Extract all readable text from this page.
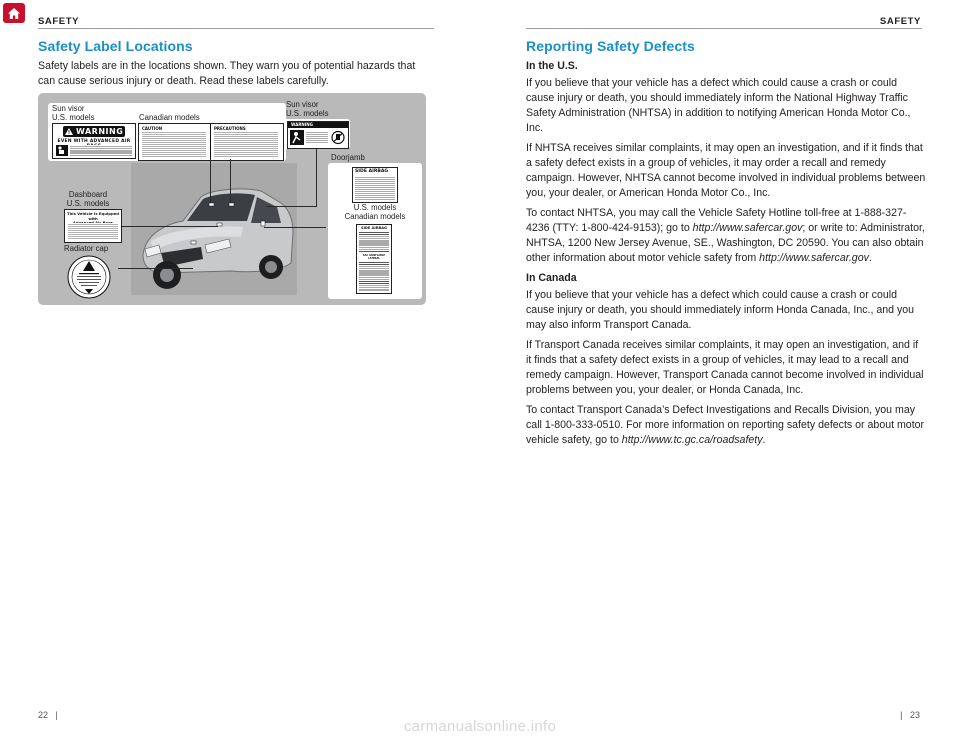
SAFETY	SAFETY
Safety Label Locations

Safety labels are in the locations shown. They warn you of potential hazards that can cause serious injury or death. Read these labels carefully.

Sun visor
U.S. models	Canadian models
WARNING
EVEN WITH ADVANCED AIR
CAUTION	PRECAUTIONS
Sun visor
U.S. models
WARNING
Dashboard
U.S. models
This Vehicle Is Equipped with
Radiator cap
Doorjamb
SIDE AIRBAG
U.S. models
Canadian models
SIDE AIRBAG
SAC GONFLABLE LATERAL
Reporting Safety Defects
In the U.S.

If you believe that your vehicle has a defect which could cause a crash or could cause injury or death, you should immediately inform the National Highway Traffic Safety Administration (NHTSA) in addition to notifying American Honda Motor Co., Inc.

If NHTSA receives similar complaints, it may open an investigation, and if it finds that a safety defect exists in a group of vehicles, it may order a recall and remedy campaign. However, NHTSA cannot become involved in individual problems between you, your dealer, or American Honda Motor Co., Inc.

To contact NHTSA, you may call the Vehicle Safety Hotline toll-free at 1-888-327-4236 (TTY: 1-800-424-9153); go to http://www.safercar.gov; or write to: Administrator, NHTSA, 1200 New Jersey Avenue, SE., Washington, DC 20590. You can also obtain other information about motor vehicle safety from http://www.safercar.gov.

In Canada

If you believe that your vehicle has a defect which could cause a crash or could cause injury or death, you should immediately inform Honda Canada, Inc., and you may also inform Transport Canada.

If Transport Canada receives similar complaints, it may open an investigation, and if it finds that a safety defect exists in a group of vehicles, it may lead to a recall and remedy campaign. However, Transport Canada cannot become involved in individual problems between you, your dealer, or Honda Canada, Inc.

To contact Transport Canada’s Defect Investigations and Recalls Division, you may call 1-800-333-0510. For more information on reporting safety defects or about motor vehicle safety, go to http://www.tc.gc.ca/roadsafety.

22 |	| 23
carmanualsonline.info
